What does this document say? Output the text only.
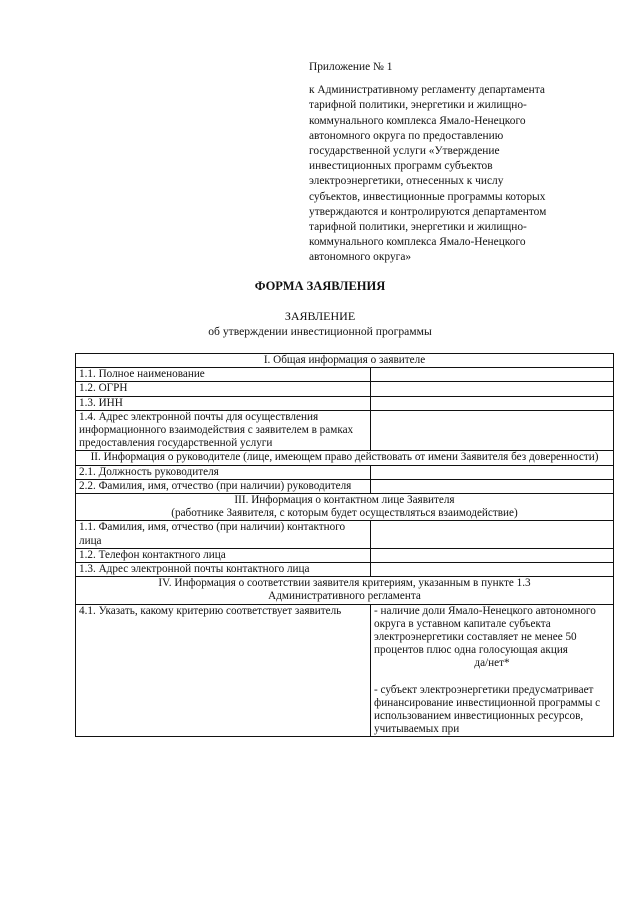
Приложение № 1
к Административному регламенту департамента
тарифной политики, энергетики и жилищно-
коммунального комплекса Ямало-Ненецкого
автономного округа по предоставлению
государственной услуги «Утверждение
инвестиционных программ субъектов
электроэнергетики, отнесенных к числу
субъектов, инвестиционные программы которых
утверждаются и контролируются департаментом
тарифной политики, энергетики и жилищно-
коммунального комплекса Ямало-Ненецкого
автономного округа»
ФОРМА ЗАЯВЛЕНИЯ
ЗАЯВЛЕНИЕ
об утверждении инвестиционной программы
I. Общая информация о заявителе	
1.1. Полное наименование	
1.2. ОГРН	
1.3. ИНН	
1.4. Адрес электронной почты для осуществления информационного взаимодействия с заявителем в рамках предоставления государственной услуги	
II. Информация о руководителе (лице, имеющем право действовать от имени Заявителя без доверенности)	
2.1. Должность руководителя	
2.2. Фамилия, имя, отчество (при наличии) руководителя	

III. Информация о контактном лице Заявителя
(работнике Заявителя, с которым будет осуществляться взаимодействие)	

1.1. Фамилия, имя, отчество (при наличии) контактного лица	
1.2. Телефон контактного лица	
1.3. Адрес электронной почты контактного лица	

IV. Информация о соответствии заявителя критериям, указанным в пункте 1.3
Административного регламента	

4.1. Указать, какому критерию соответствует заявитель	- наличие доли Ямало-Ненецкого автономного округа в уставном капитале субъекта электроэнергетики составляет не менее 50 процентов плюс одна голосующая акция
да/нет*
- субъект электроэнергетики предусматривает финансирование инвестиционной программы с использованием инвестиционных ресурсов, учитываемых при
